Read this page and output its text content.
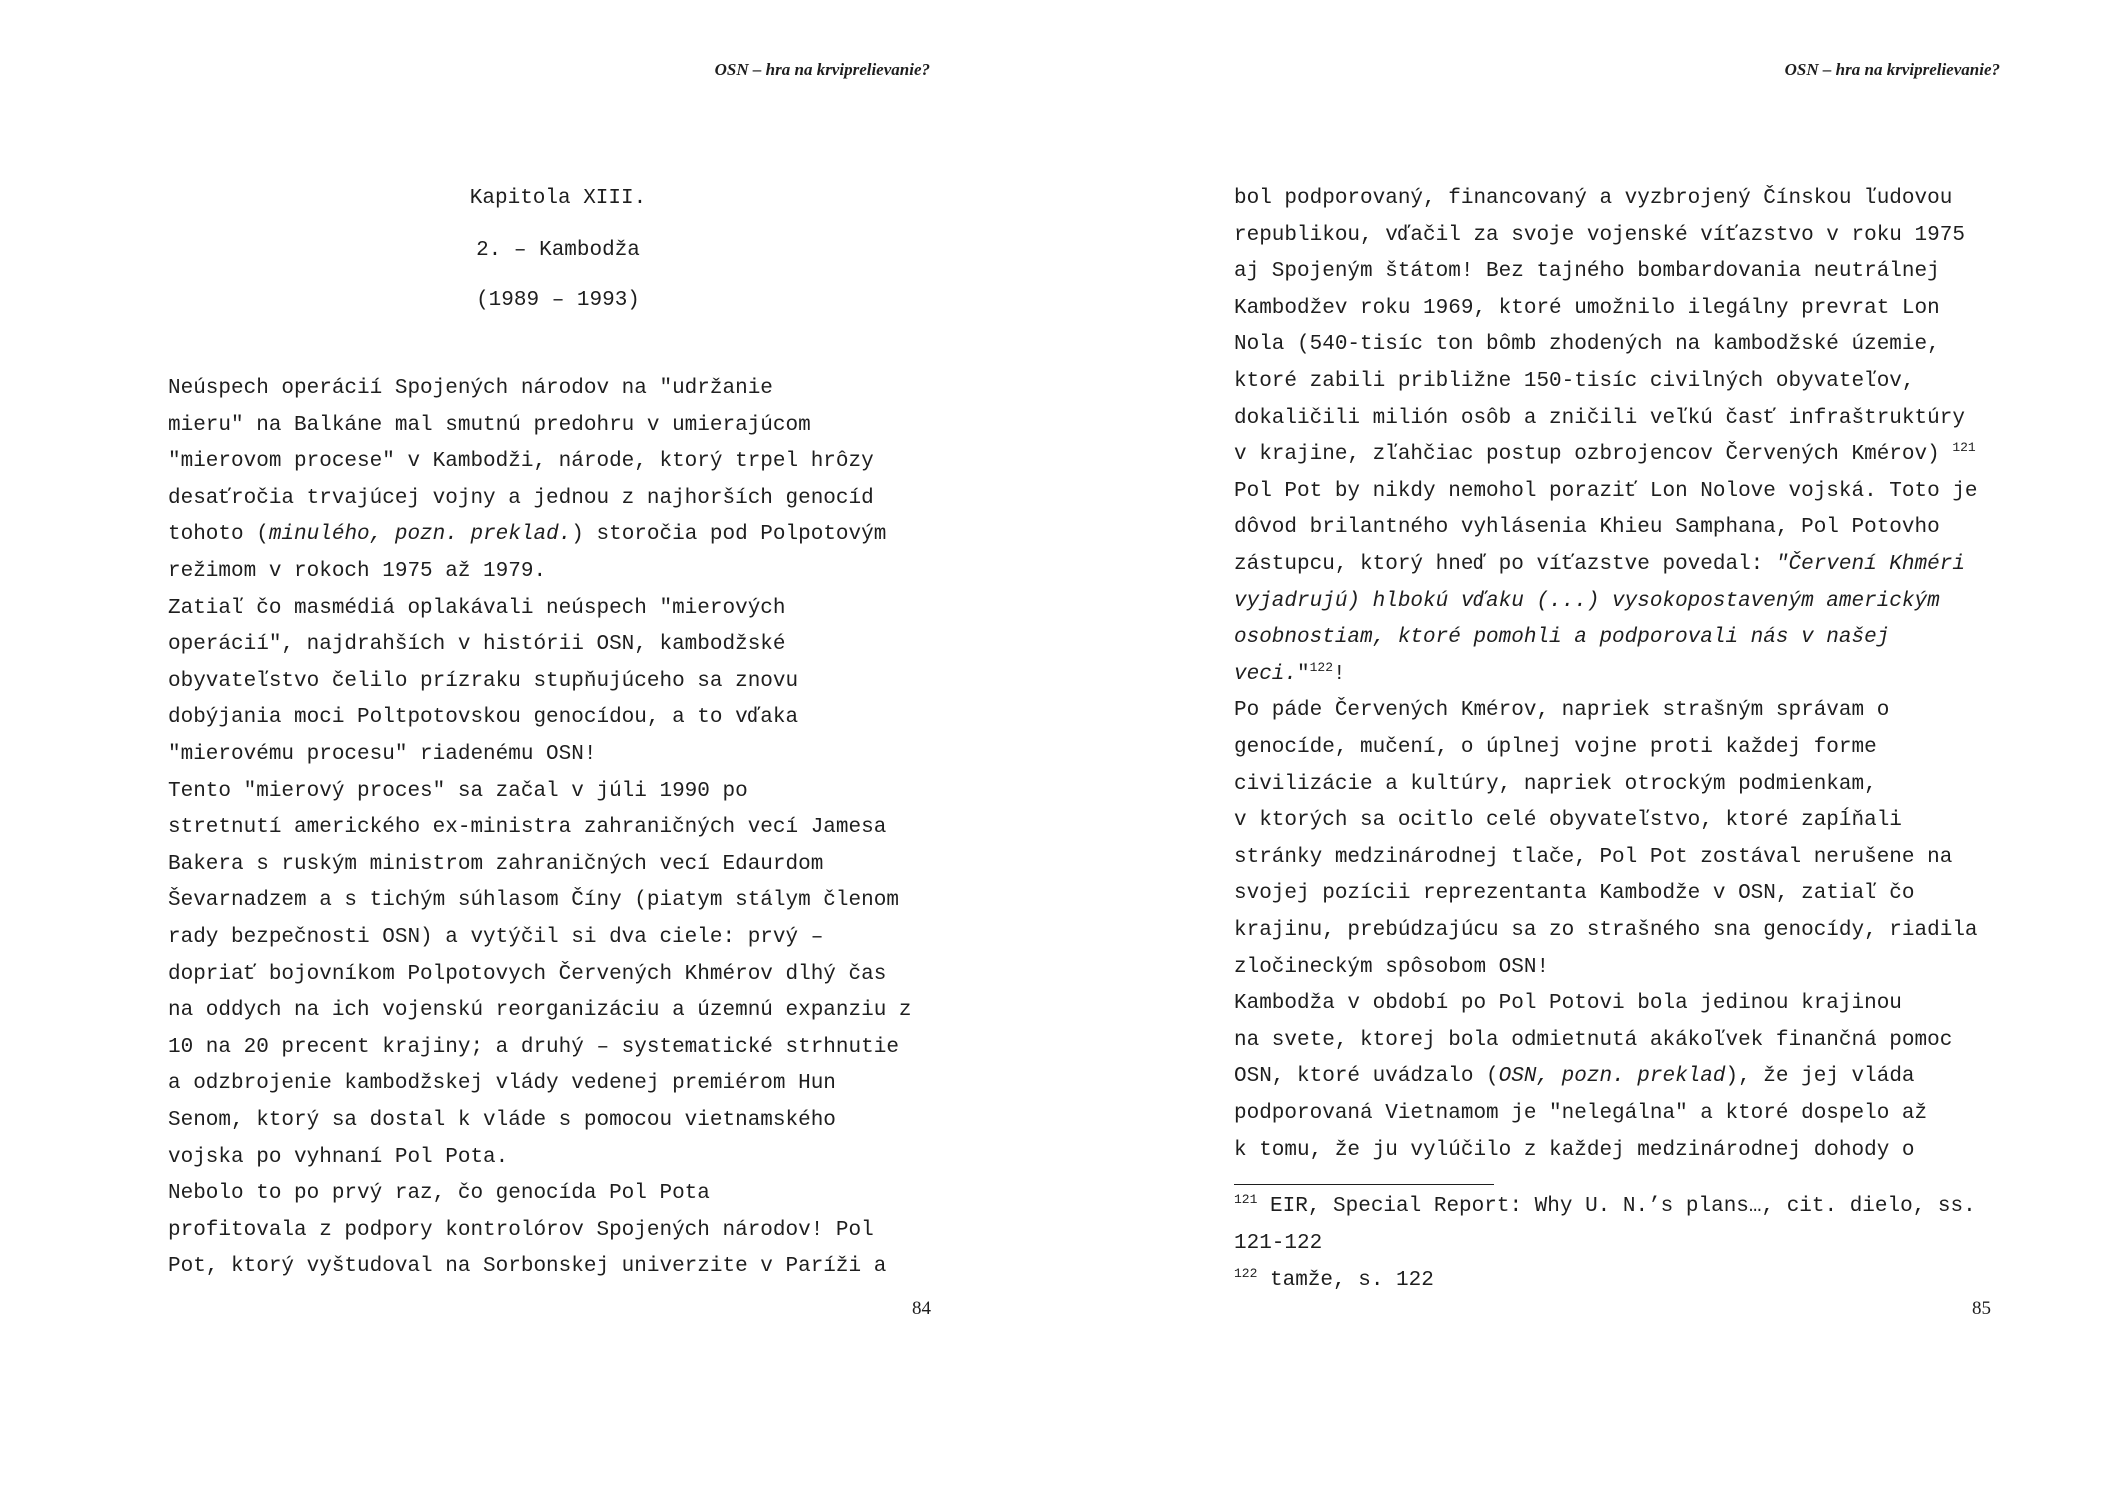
OSN – hra na krviprelievanie?
Kapitola XIII.
2. – Kambodža
(1989 – 1993)
Neúspech operácií Spojených národov na "udržanie
mieru" na Balkáne mal smutnú predohru v umierajúcom
"mierovom procese" v Kambodži, národe, ktorý trpel hrôzy
desaťročia trvajúcej vojny a jednou z najhorších genocíd
tohoto (minulého, pozn. preklad.) storočia pod Polpotovým
režimom v rokoch 1975 až 1979.
Zatiaľ čo masmédiá oplakávali neúspech "mierových
operácií", najdrahších v histórii OSN, kambodžské
obyvateľstvo čelilo prízraku stupňujúceho sa znovu
dobýjania moci Poltpotovskou genocídou, a to vďaka
"mierovému procesu" riadenému OSN!
Tento "mierový proces" sa začal v júli 1990 po
stretnutí amerického ex-ministra zahraničných vecí Jamesa
Bakera s ruským ministrom zahraničných vecí Edaurdom
Ševarnadzem a s tichým súhlasom Číny (piatym stálym členom
rady bezpečnosti OSN) a vytýčil si dva ciele: prvý –
dopriať bojovníkom Polpotovych Červených Khmérov dlhý čas
na oddych na ich vojenskú reorganizáciu a územnú expanziu z
10 na 20 precent krajiny; a druhý – systematické strhnutie
a odzbrojenie kambodžskej vlády vedenej premiérom Hun
Senom, ktorý sa dostal k vláde s pomocou vietnamského
vojska po vyhnaní Pol Pota.
Nebolo to po prvý raz, čo genocída Pol Pota
profitovala z podpory kontrolórov Spojených národov! Pol
Pot, ktorý vyštudoval na Sorbonskej univerzite v Paríži a
84
OSN – hra na krviprelievanie?
bol podporovaný, financovaný a vyzbrojený Čínskou ľudovou
republikou, vďačil za svoje vojenské víťazstvo v roku 1975
aj Spojeným štátom! Bez tajného bombardovania neutrálnej
Kambodžev roku 1969, ktoré umožnilo ilegálny prevrat Lon
Nola (540-tisíc ton bômb zhodených na kambodžské územie,
ktoré zabili približne 150-tisíc civilných obyvateľov,
dokaličili milión osôb a zničili veľkú časť infraštruktúry
v krajine, zľahčiac postup ozbrojencov Červených Kmérov) $^{121}$
Pol Pot by nikdy nemohol poraziť Lon Nolove vojská. Toto je
dôvod brilantného vyhlásenia Khieu Samphana, Pol Potovho
zástupcu, ktorý hneď po víťazstve povedal: "Červení Khméri
vyjadrujú) hlbokú vďaku (...) vysokopostaveným americkým
osobnostiam, ktoré pomohli a podporovali nás v našej
veci."$^{122}$!
Po páde Červených Kmérov, napriek strašným správam o
genocíde, mučení, o úplnej vojne proti každej forme
civilizácie a kultúry, napriek otrockým podmienkam,
v ktorých sa ocitlo celé obyvateľstvo, ktoré zapĺňali
stránky medzinárodnej tlače, Pol Pot zostával nerušene na
svojej pozícii reprezentanta Kambodže v OSN, zatiaľ čo
krajinu, prebúdzajúcu sa zo strašného sna genocídy, riadila
zločineckým spôsobom OSN!
Kambodža v období po Pol Potovi bola jedinou krajinou
na svete, ktorej bola odmietnutá akákoľvek finančná pomoc
OSN, ktoré uvádzalo (OSN, pozn. preklad), že jej vláda
podporovaná Vietnamom je "nelegálna" a ktoré dospelo až
k tomu, že ju vylúčilo z každej medzinárodnej dohody o
$^{121}$ EIR, Special Report: Why U. N.’s plans…, cit. dielo, ss.
121-122
$^{122}$ tamže, s. 122
85
